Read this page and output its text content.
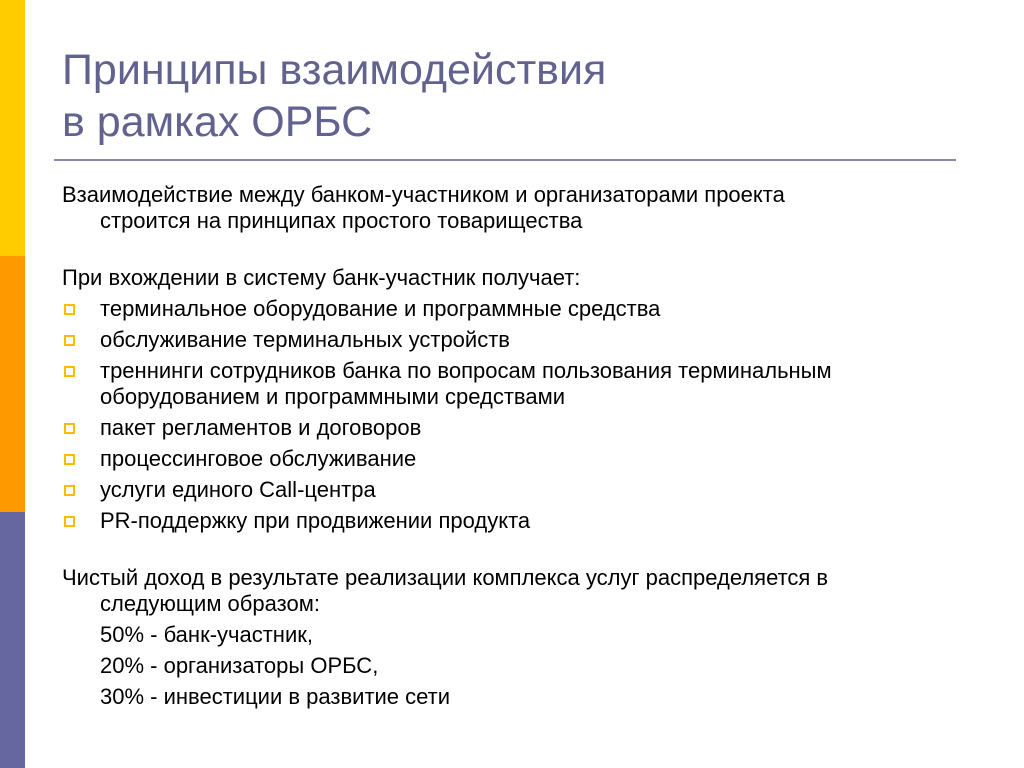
Принципы взаимодействия
в рамках ОРБС
Взаимодействие между банком-участником и организаторами проекта
строится на принципах простого товарищества
При вхождении в систему банк-участник получает:
терминальное оборудование и программные средства
обслуживание терминальных устройств
треннинги сотрудников банка по вопросам пользования терминальным
оборудованием и программными средствами
пакет регламентов и договоров
процессинговое обслуживание
услуги единого Call-центра
PR-поддержку при продвижении продукта
Чистый доход в результате реализации комплекса услуг распределяется в
следующим образом:
50% - банк-участник,
20% - организаторы ОРБС,
30% - инвестиции в развитие сети
